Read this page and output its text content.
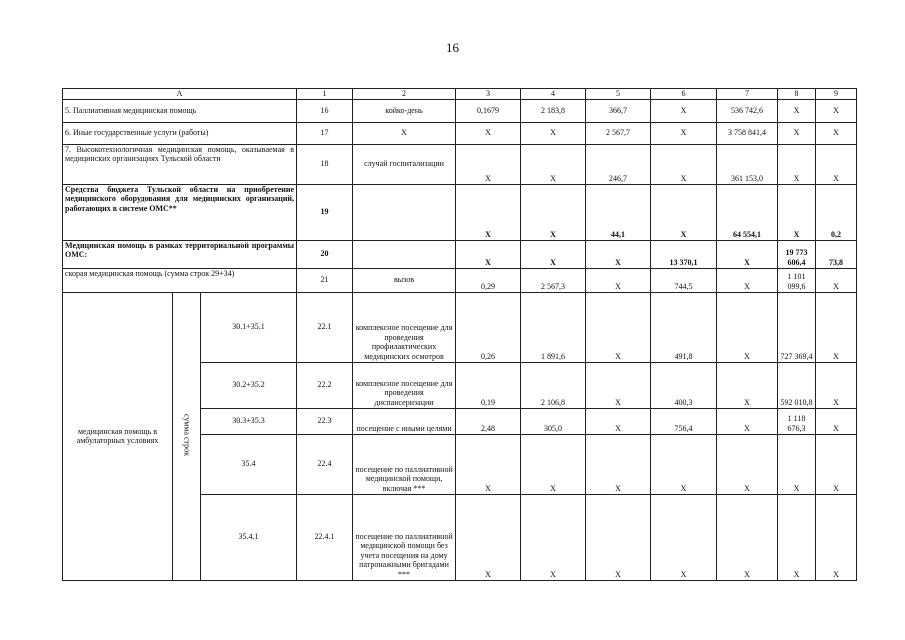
16
А			1	2	3	4	5	6	7	8	9
5. Паллиативная медицинская помощь			16	койко-день	0,1679	2 183,8	366,7	X	536 742,6	X	X
6. Иные государственные услуги (работы)			17	X	X	X	2 567,7	X	3 758 841,4	X	X
7. Высокотехнологичная медицинская помощь, оказываемая в медицинских организациях Тульской области			18	случай госпитализации	X	X	246,7	X	361 153,0	X	X
Средства бюджета Тульской области на приобретение медицинского оборудования для медицинских организаций, работающих в системе ОМС**			19		X	X	44,1	X	64 554,1	X	0,2
Медицинская помощь в рамках территориальной программы ОМС:			20		X	X	X	13 370,1	X	19 773 606,4	73,8
скорая медицинская помощь (сумма строк 29+34)			21	вызов	0,29	2 567,3	X	744,5	X	1 101 099,6	X
медицинская помощь в амбулаторных условиях	сумма строк	30.1+35.1	22.1	комплексное посещение для проведения профилактических медицинских осмотров	0,26	1 891,6	X	491,8	X	727 369,4	X
		30.2+35.2	22.2	комплексное посещение для проведения диспансеризации	0,19	2 106,8	X	400,3	X	592 010,8	X
		30.3+35.3	22.3	посещение с иными целями	2,48	305,0	X	756,4	X	1 118 676,3	X
		35.4	22.4	посещение по паллиативной медицинской помощи, включая ***	X	X	X	X	X	X	X
		35.4.1	22.4.1	посещение по паллиативной медицинской помощи без учета посещения на дому патронажными бригадами ***	X	X	X	X	X	X	X
